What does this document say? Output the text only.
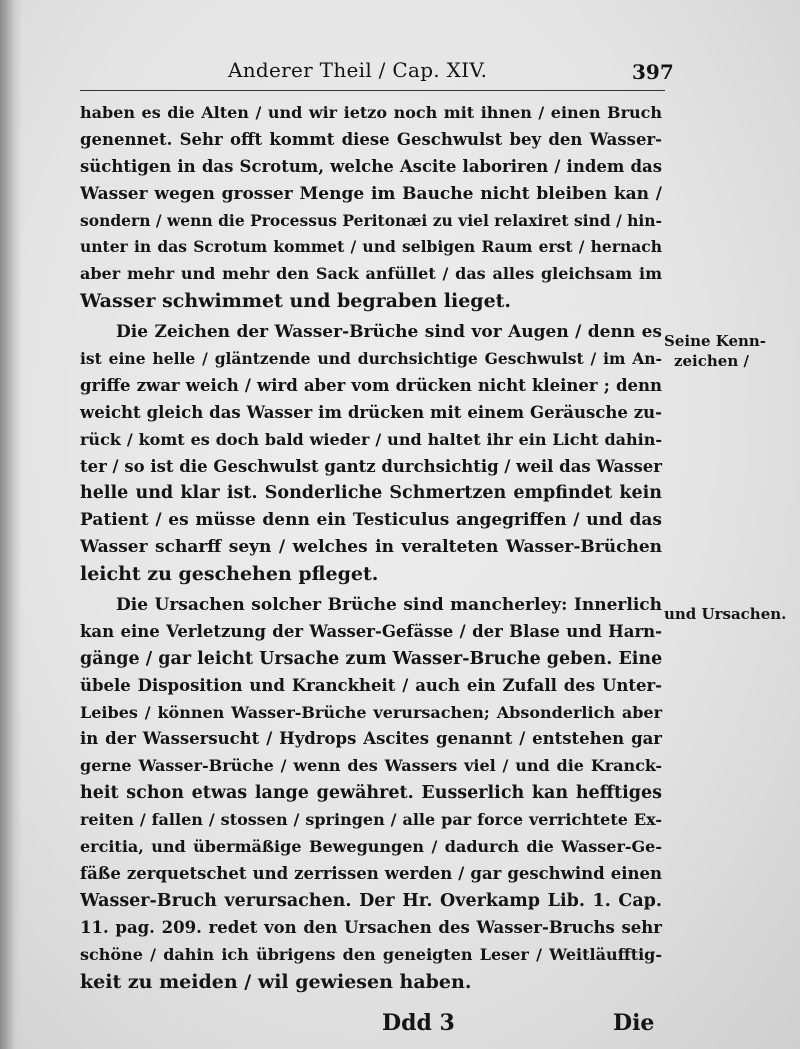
Anderer Theil / Cap. XIV.	397
haben es die Alten / und wir ietzo noch mit ihnen / einen Bruch
genennet. Sehr offt kommt diese Geschwulst bey den Wasser-
süchtigen in das Scrotum, welche Ascite laboriren / indem das
Wasser wegen grosser Menge im Bauche nicht bleiben kan /
sondern / wenn die Processus Peritonæi zu viel relaxiret sind / hin-
unter in das Scrotum kommet / und selbigen Raum erst / hernach
aber mehr und mehr den Sack anfüllet / das alles gleichsam im
Wasser schwimmet und begraben lieget.
Die Zeichen der Wasser-Brüche sind vor Augen / denn es
ist eine helle / gläntzende und durchsichtige Geschwulst / im An-
griffe zwar weich / wird aber vom drücken nicht kleiner ; denn
weicht gleich das Wasser im drücken mit einem Geräusche zu-
rück / komt es doch bald wieder / und haltet ihr ein Licht dahin-
ter / so ist die Geschwulst gantz durchsichtig / weil das Wasser
helle und klar ist. Sonderliche Schmertzen empfindet kein
Patient / es müsse denn ein Testiculus angegriffen / und das
Wasser scharff seyn / welches in veralteten Wasser-Brüchen
leicht zu geschehen pfleget.
Die Ursachen solcher Brüche sind mancherley: Innerlich
kan eine Verletzung der Wasser-Gefässe / der Blase und Harn-
gänge / gar leicht Ursache zum Wasser-Bruche geben. Eine
übele Disposition und Kranckheit / auch ein Zufall des Unter-
Leibes / können Wasser-Brüche verursachen; Absonderlich aber
in der Wassersucht / Hydrops Ascites genannt / entstehen gar
gerne Wasser-Brüche / wenn des Wassers viel / und die Kranck-
heit schon etwas lange gewähret. Eusserlich kan hefftiges
reiten / fallen / stossen / springen / alle par force verrichtete Ex-
ercitia, und übermäßige Bewegungen / dadurch die Wasser-Ge-
fäße zerquetschet und zerrissen werden / gar geschwind einen
Wasser-Bruch verursachen. Der Hr. Overkamp Lib. 1. Cap.
11. pag. 209. redet von den Ursachen des Wasser-Bruchs sehr
schöne / dahin ich übrigens den geneigten Leser / Weitläufftig-
keit zu meiden / wil gewiesen haben.
Seine Kenn-
zeichen /
und Ursachen.
Ddd 3	Die
